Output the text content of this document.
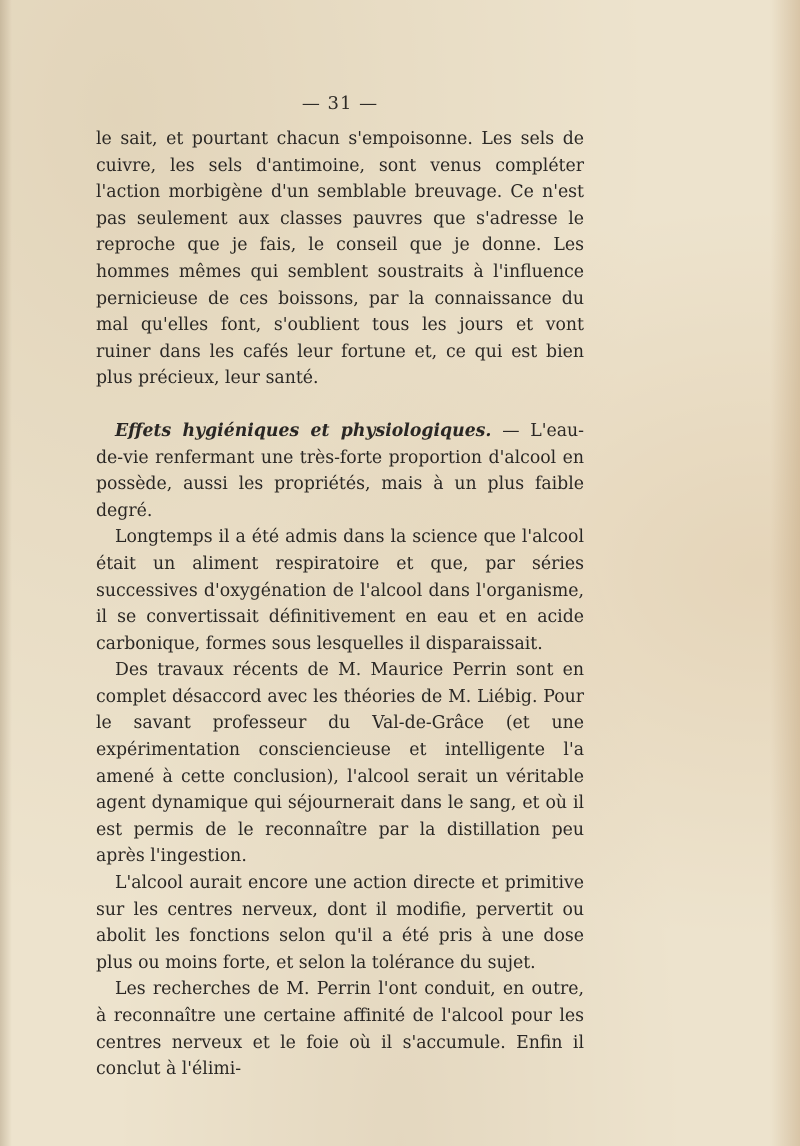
— 31 —

le sait, et pourtant chacun s'empoisonne. Les sels de cuivre, les sels d'antimoine, sont venus compléter l'action morbigène d'un semblable breuvage. Ce n'est pas seulement aux classes pauvres que s'adresse le reproche que je fais, le conseil que je donne. Les hommes mêmes qui semblent soustraits à l'influence pernicieuse de ces boissons, par la connaissance du mal qu'elles font, s'oublient tous les jours et vont ruiner dans les cafés leur fortune et, ce qui est bien plus précieux, leur santé.

Effets hygiéniques et physiologiques. — L'eau-de-vie renfermant une très-forte proportion d'alcool en possède, aussi les propriétés, mais à un plus faible degré.

Longtemps il a été admis dans la science que l'alcool était un aliment respiratoire et que, par séries successives d'oxygénation de l'alcool dans l'organisme, il se convertissait définitivement en eau et en acide carbonique, formes sous lesquelles il disparaissait.

Des travaux récents de M. Maurice Perrin sont en complet désaccord avec les théories de M. Liébig. Pour le savant professeur du Val-de-Grâce (et une expérimentation consciencieuse et intelligente l'a amené à cette conclusion), l'alcool serait un véritable agent dynamique qui séjournerait dans le sang, et où il est permis de le reconnaître par la distillation peu après l'ingestion.

L'alcool aurait encore une action directe et primitive sur les centres nerveux, dont il modifie, pervertit ou abolit les fonctions selon qu'il a été pris à une dose plus ou moins forte, et selon la tolérance du sujet.

Les recherches de M. Perrin l'ont conduit, en outre, à reconnaître une certaine affinité de l'alcool pour les centres nerveux et le foie où il s'accumule. Enfin il conclut à l'élimi-
